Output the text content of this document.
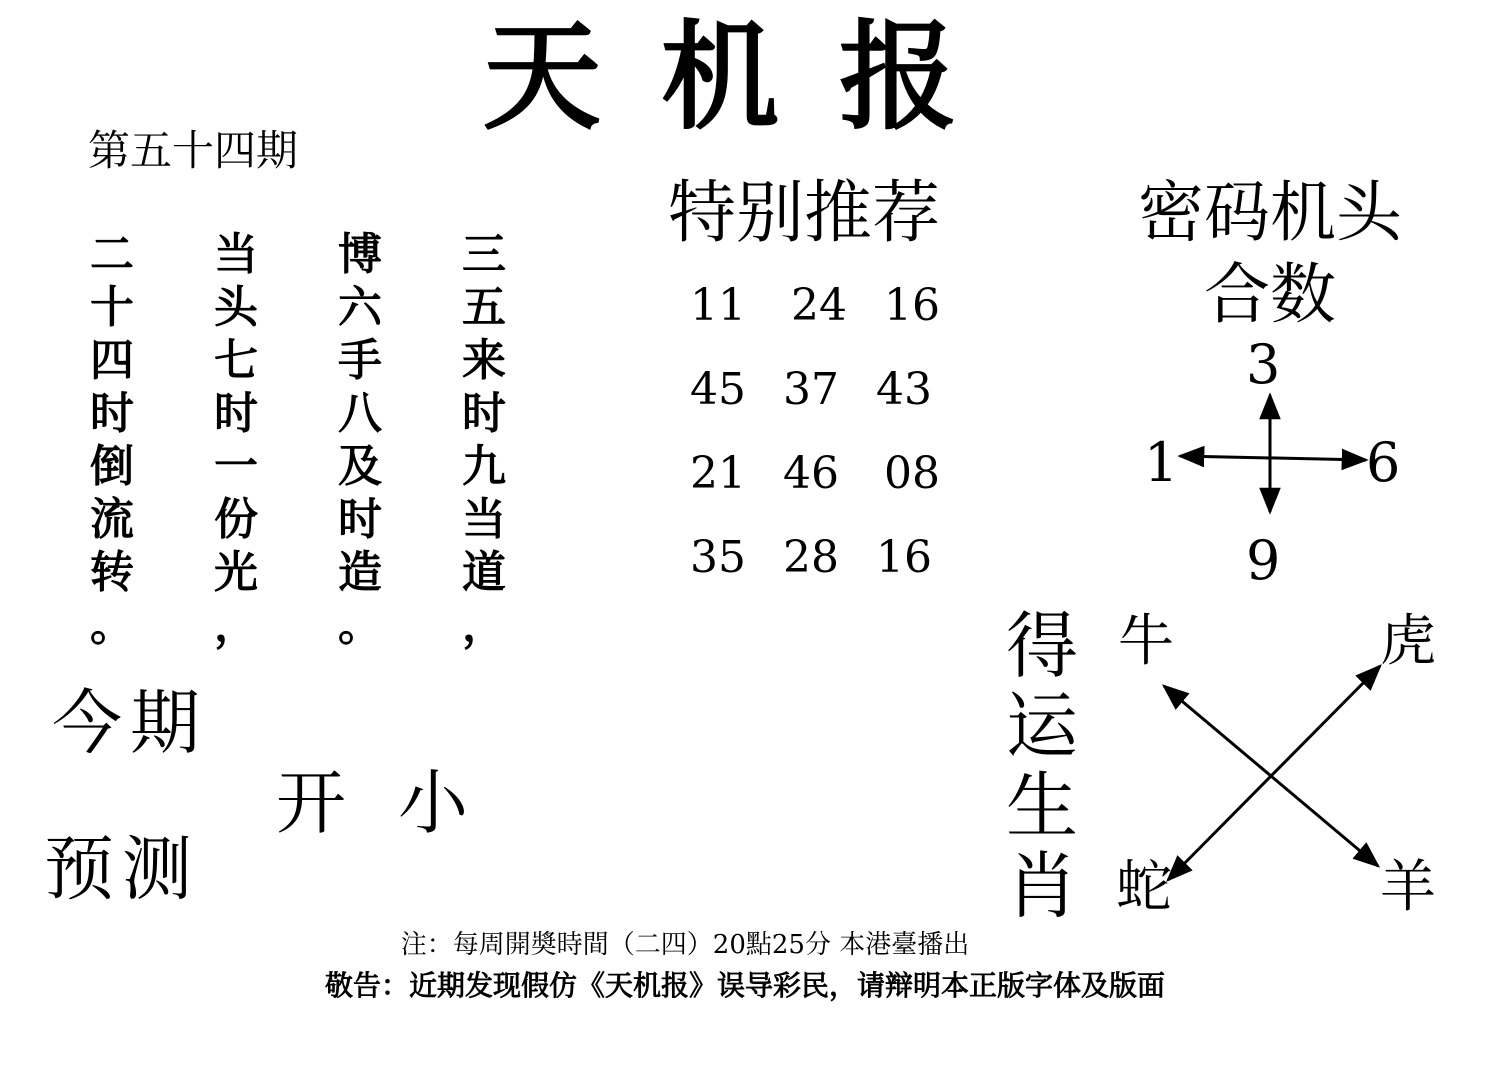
天机报
第五十四期
二
十
四
时
倒
流
转
。
当
头
七
时
一
份
光
，
博
六
手
八
及
时
造
。
三
五
来
时
九
当
道
，
今期
开 小
预测
特别推荐
11	24 16
45 37 43
21 46	08
35 28 16
密码机头
合数
3
1	6
9
得
运
生
肖
牛	虎
蛇	羊
注：每周開奬時間（二四）20點25分 本港臺播出
敬告：近期发现假仿《天机报》误导彩民，请辩明本正版字体及版面
